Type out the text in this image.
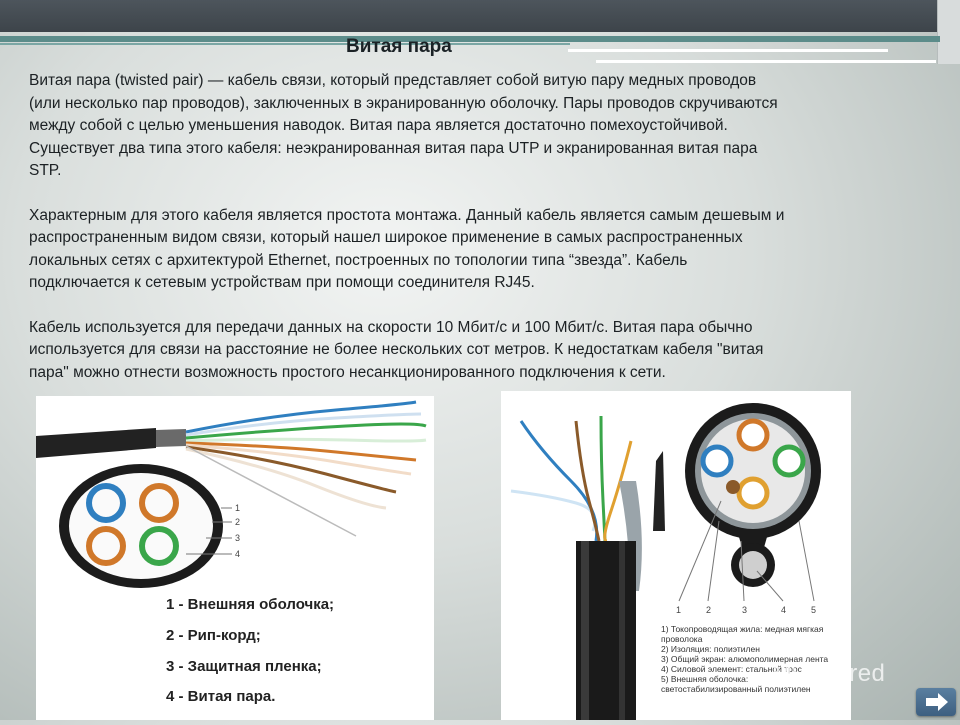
Витая пара

Витая пара (twisted pair) — кабель связи, который представляет собой витую пару медных проводов
(или несколько пар проводов), заключенных в экранированную оболочку. Пары проводов скручиваются
между собой с целью уменьшения наводок. Витая пара является достаточно помехоустойчивой.
Существует два типа этого кабеля: неэкранированная витая пара UTP и экранированная витая пара
STP.

Характерным для этого кабеля является простота монтажа. Данный кабель является самым дешевым и
распространенным видом связи, который нашел широкое применение в самых распространенных
локальных сетях с архитектурой Ethernet, построенных по топологии типа “звезда”. Кабель
подключается к сетевым устройствам при помощи соединителя RJ45.

Кабель используется для передачи данных на скорости 10 Мбит/с и 100 Мбит/с. Витая пара обычно
используется для связи на расстояние не более нескольких сот метров. К недостаткам кабеля "витая
пара" можно отнести возможность простого несанкционированного подключения к сети.

1
2
3
4
1 - Внешняя оболочка;
2 - Рип-корд;
3 - Защитная пленка;
4 - Витая пара.
1	2	3	4	5
1) Токопроводящая жила: медная мягкая
проволока
2) Изоляция: полиэтилен
3) Общий экран: алюмополимерная лента
4) Силовой элемент: стальной трос
5) Внешняя оболочка:
светостабилизированный полиэтилен
MyShared
